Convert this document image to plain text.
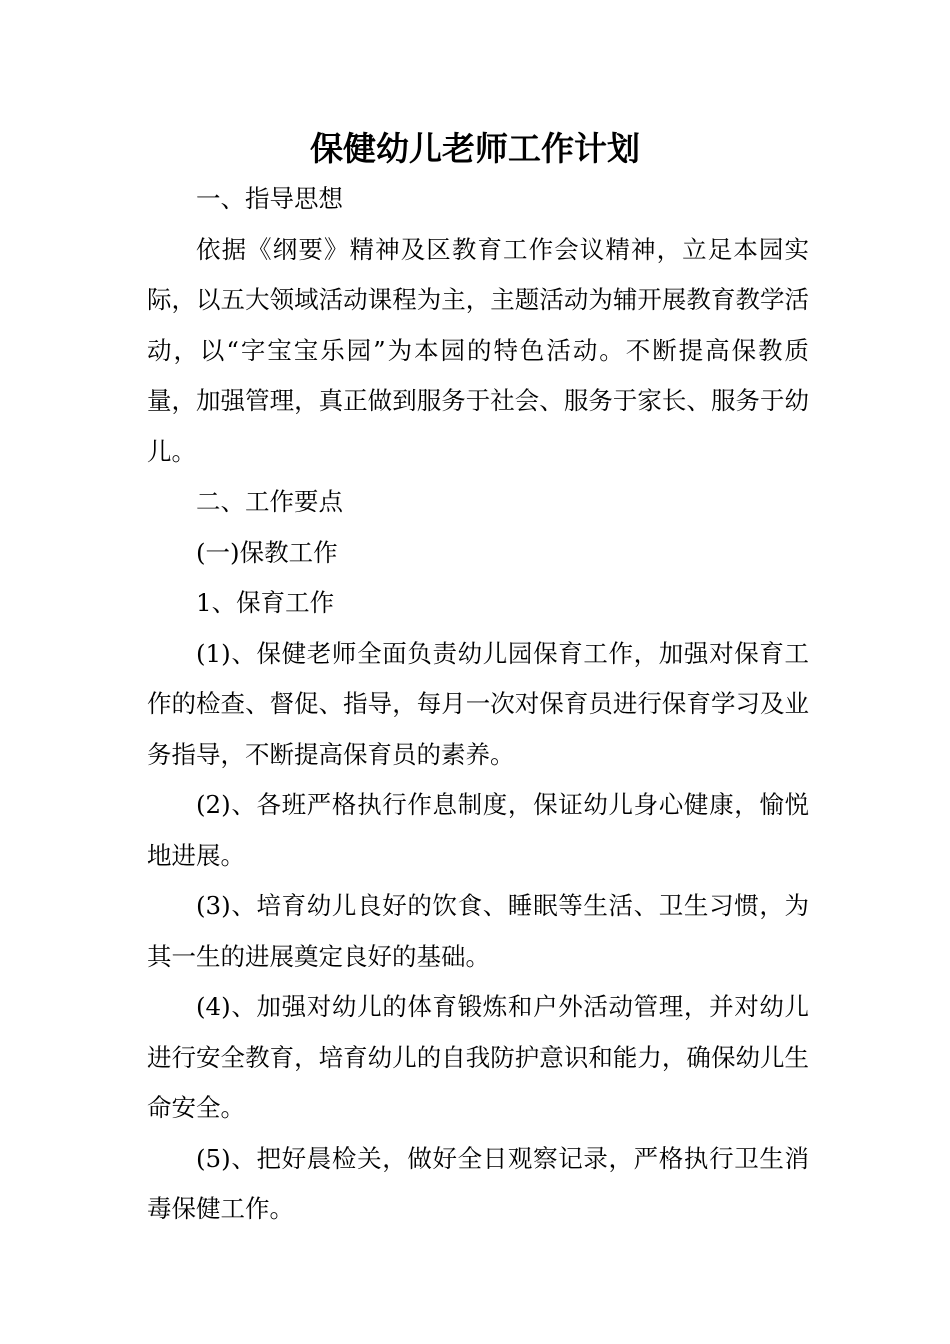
保健幼儿老师工作计划

一、指导思想

依据《纲要》精神及区教育工作会议精神，立足本园实际，以五大领域活动课程为主，主题活动为辅开展教育教学活动，以“字宝宝乐园”为本园的特色活动。不断提高保教质量，加强管理，真正做到服务于社会、服务于家长、服务于幼儿。

二、工作要点

(一)保教工作

1、保育工作

(1)、保健老师全面负责幼儿园保育工作，加强对保育工作的检查、督促、指导，每月一次对保育员进行保育学习及业务指导，不断提高保育员的素养。

(2)、各班严格执行作息制度，保证幼儿身心健康，愉悦地进展。

(3)、培育幼儿良好的饮食、睡眠等生活、卫生习惯，为其一生的进展奠定良好的基础。

(4)、加强对幼儿的体育锻炼和户外活动管理，并对幼儿进行安全教育，培育幼儿的自我防护意识和能力，确保幼儿生命安全。

(5)、把好晨检关，做好全日观察记录，严格执行卫生消毒保健工作。
